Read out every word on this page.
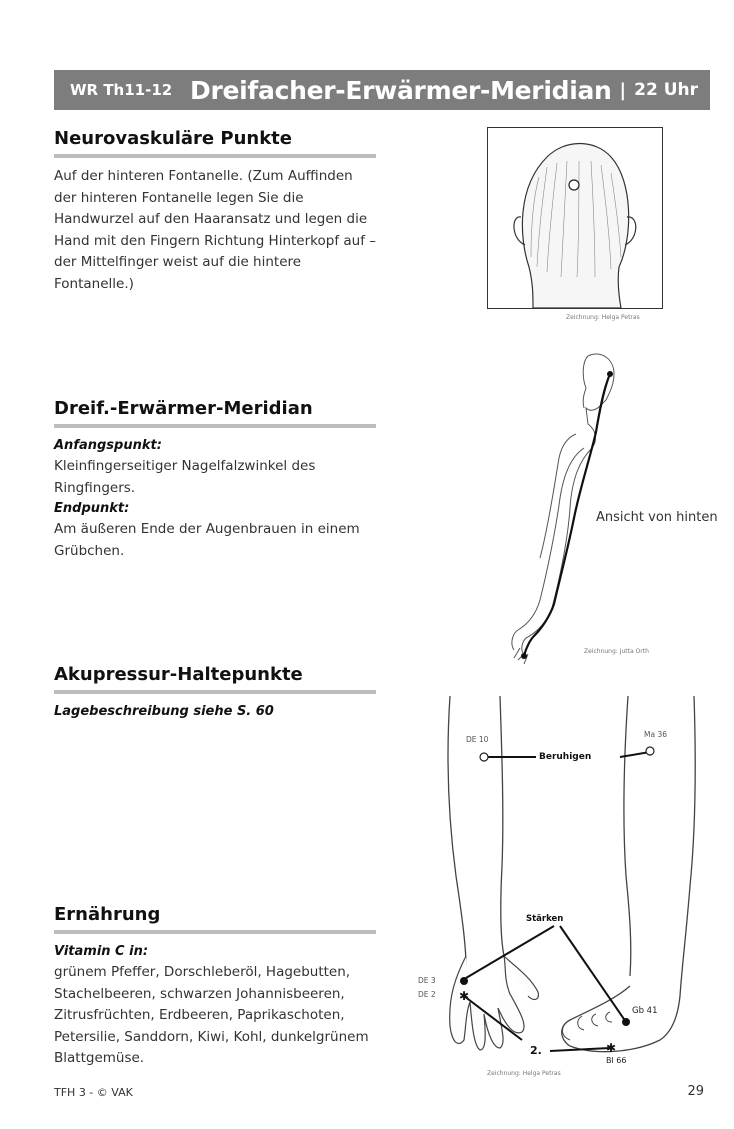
WR Th11-12 Dreifacher-Erwärmer-Meridian | 22 Uhr
Neurovaskuläre Punkte

Auf der hinteren Fontanelle. (Zum Auffinden der hinteren Fontanelle legen Sie die Handwurzel auf den Haaransatz und legen die Hand mit den Fingern Richtung Hinterkopf auf – der Mittelfinger weist auf die hintere Fontanelle.)

Zeichnung: Helga Petras
Dreif.-Erwärmer-Meridian

Anfangspunkt:

Kleinfingerseitiger Nagelfalzwinkel des Ringfingers.

Endpunkt:

Am äußeren Ende der Augenbrauen in einem Grübchen.

Ansicht von hinten
Zeichnung: Jutta Orth
Akupressur-Haltepunkte

Lagebeschreibung siehe S. 60

✱
✱
DE 10
Ma 36
Beruhigen
Stärken
DE 3
DE 2
Gb 41
2.
Bl 66
Zeichnung: Helga Petras
Ernährung

Vitamin C in:

grünem Pfeffer, Dorschleberöl, Hagebutten, Stachelbeeren, schwarzen Johannisbeeren, Zitrusfrüchten, Erdbeeren, Paprikaschoten, Petersilie, Sanddorn, Kiwi, Kohl, dunkelgrünem Blattgemüse.

TFH 3 - © VAK	29
